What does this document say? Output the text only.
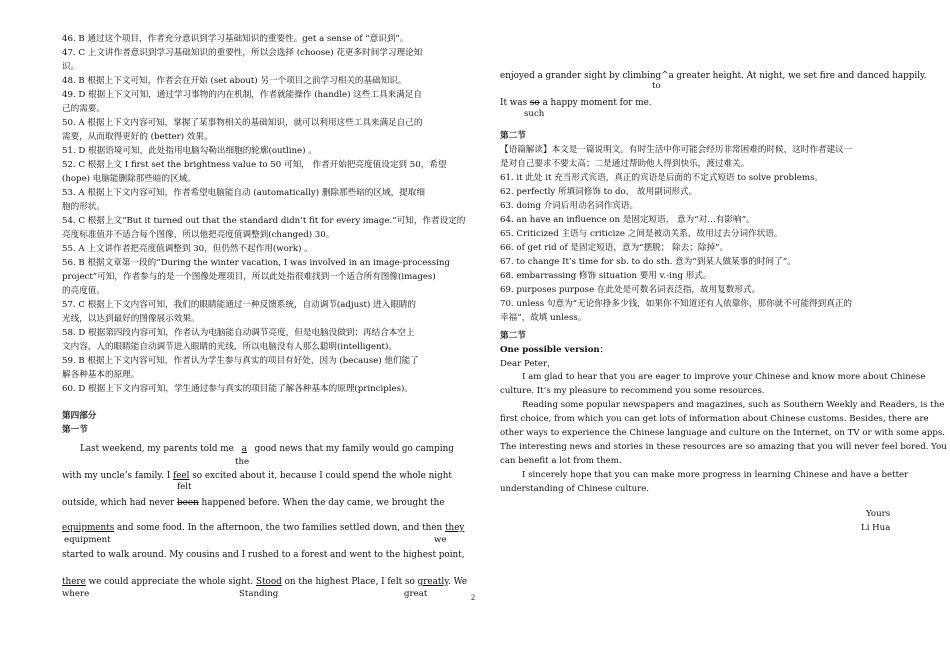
46. B 通过这个项目，作者充分意识到学习基础知识的重要性。get a sense of “意识到”。
47. C 上文讲作者意识到学习基础知识的重要性，所以会选择 (choose) 花更多时间学习理论知
识。
48. B 根据上下文可知，作者会在开始 (set about) 另一个项目之前学习相关的基础知识。
49. D 根据上下文可知，通过学习事物的内在机制，作者就能操作 (handle) 这些工具来满足自
己的需要。
50. A 根据上下文内容可知，掌握了某事物相关的基础知识，就可以利用这些工具来满足自己的
需要，从而取得更好的 (better) 效果。
51. D 根据语境可知，此处指用电脑勾勒出细胞的轮廓(outline) 。
52. C 根据上文 I first set the brightness value to 50 可知， 作者开始把亮度值设定到 50，希望
(hope) 电脑能删除那些暗的区域。
53. A 根据上下文内容可知，作者希望电脑能自动 (automatically) 删除那些暗的区域，提取细
胞的形状。
54. C 根据上文“But it turned out that the standard didn’t fit for every image.”可知，作者设定的
亮度标准值并不适合每个图像，所以他把亮度值调整到(changed) 30。
55. A 上文讲作者把亮度值调整到 30，但仍然不起作用(work) 。
56. B 根据文章第一段的“During the winter vacation, I was involved in an image-processing
project”可知，作者参与的是一个图像处理项目，所以此处指很难找到一个适合所有图像(images)
的亮度值。
57. C 根据上下文内容可知，我们的眼睛能通过一种反馈系统，自动调节(adjust) 进入眼睛的
光线，以达到最好的图像展示效果。
58. D 根据第四段内容可知，作者认为电脑能自动调节亮度，但是电脑没做到；再结合本空上
文内容，人的眼睛能自动调节进入眼睛的光线，所以电脑没有人那么聪明(intelligent)。
59. B 根据上下文内容可知，作者认为学生参与真实的项目有好处，因为 (because) 他们能了
解各种基本的原理。
60. D 根据上下文内容可知，学生通过参与真实的项目能了解各种基本的原理(principles)。
第四部分
第一节
Last weekend, my parents told me a good news that my family would go camping
the
with my uncle’s family. I feel so excited about it, because I could spend the whole night
felt
outside, which had never been happened before. When the day came, we brought the
equipments and some food. In the afternoon, the two families settled down, and then they
equipment	we
started to walk around. My cousins and I rushed to a forest and went to the highest point,
there we could appreciate the whole sight. Stood on the highest Place, I felt so greatly. We
where	Standing	great
enjoyed a grander sight by climbing^a greater height. At night, we set fire and danced happily.
to
It was so a happy moment for me.
such
第二节
【语篇解读】本文是一篇说明文。有时生活中你可能会经历非常困难的时候，这时作者建议一
是对自己要求不要太高；二是通过帮助他人得到快乐，渡过难关。
61. it 此处 it 充当形式宾语，真正的宾语是后面的不定式短语 to solve problems。
62. perfectly 所填词修饰 to do， 故用副词形式。
63. doing 介词后用动名词作宾语。
64. an have an influence on 是固定短语， 意为“对…有影响”。
65. Criticized 主语与 criticize 之间是被动关系，故用过去分词作状语。
66. of get rid of 是固定短语，意为“摆脱； 除去；除掉”。
67. to change It’s time for sb. to do sth. 意为“到某人做某事的时间了”。
68. embarrassing 修饰 situation 要用 v.-ing 形式。
69. purposes purpose 在此处是可数名词表泛指，故用复数形式。
70. unless 句意为“无论你挣多少钱，如果你不知道还有人依靠你，那你就不可能得到真正的
幸福”，故填 unless。
第二节
One possible version：
Dear Peter，
I am glad to hear that you are eager to improve your Chinese and know more about Chinese
culture. It’s my pleasure to recommend you some resources.
Reading some popular newspapers and magazines, such as Southern Weekly and Readers, is the
first choice, from which you can get lots of information about Chinese customs. Besides, there are
other ways to experience the Chinese language and culture on the Internet, on TV or with some apps.
The interesting news and stories in these resources are so amazing that you will never feel bored. You
can benefit a lot from them.
I sincerely hope that you can make more progress in learning Chinese and have a better
understanding of Chinese culture.
Yours
Li Hua
2
